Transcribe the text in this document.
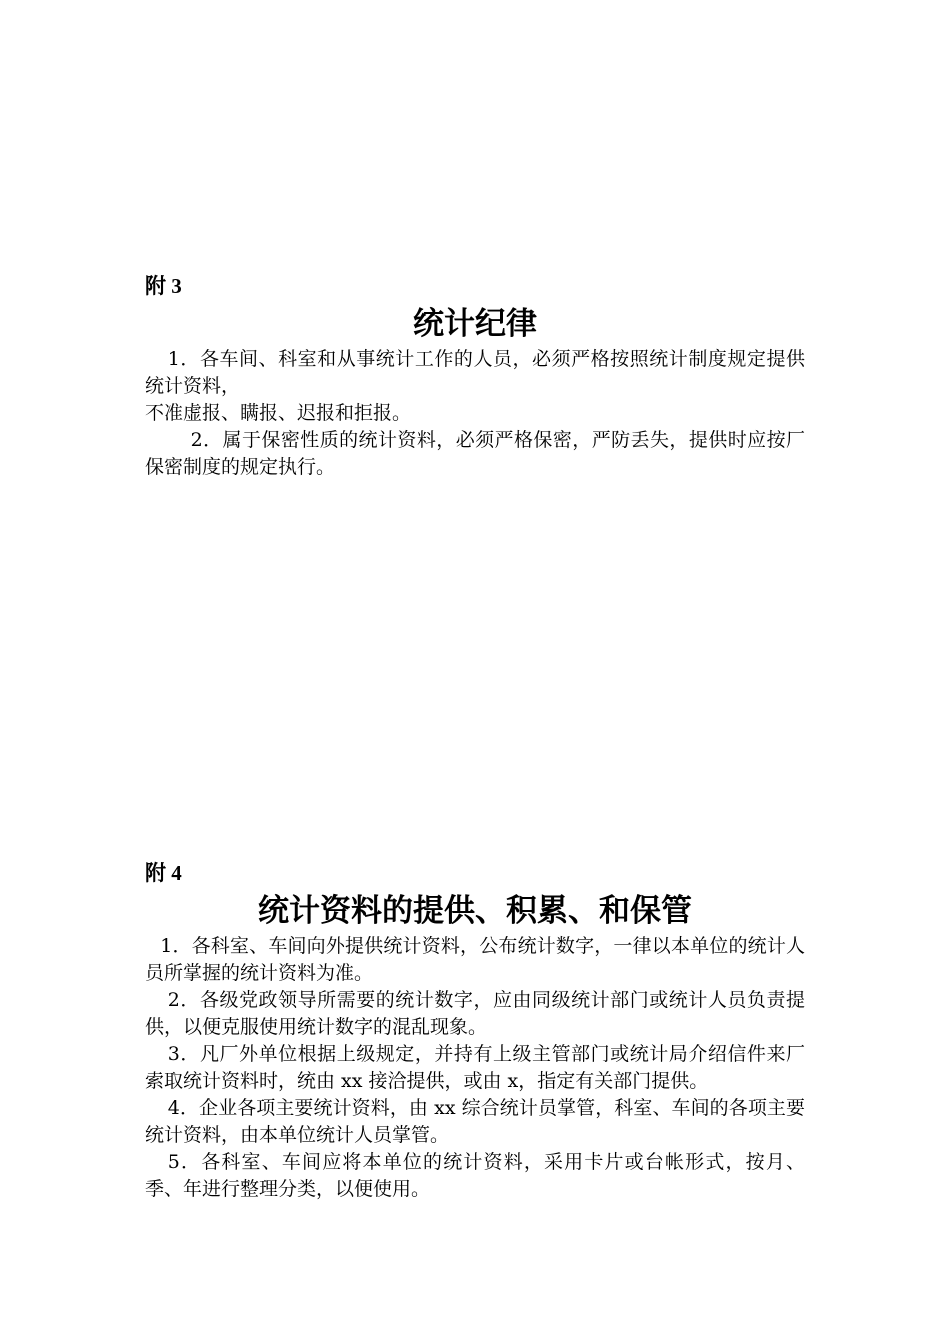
附 3
统计纪律

1．各车间、科室和从事统计工作的人员，必须严格按照统计制度规定提供统计资料，

不准虚报、瞒报、迟报和拒报。

2．属于保密性质的统计资料，必须严格保密，严防丢失，提供时应按厂保密制度的规定执行。

附 4
统计资料的提供、积累、和保管

1．各科室、车间向外提供统计资料，公布统计数字，一律以本单位的统计人员所掌握的统计资料为准。

2．各级党政领导所需要的统计数字，应由同级统计部门或统计人员负责提供，以便克服使用统计数字的混乱现象。

3．凡厂外单位根据上级规定，并持有上级主管部门或统计局介绍信件来厂索取统计资料时，统由 xx 接洽提供，或由 x，指定有关部门提供。

4．企业各项主要统计资料，由 xx 综合统计员掌管，科室、车间的各项主要统计资料，由本单位统计人员掌管。

5．各科室、车间应将本单位的统计资料，采用卡片或台帐形式，按月、季、年进行整理分类，以便使用。
